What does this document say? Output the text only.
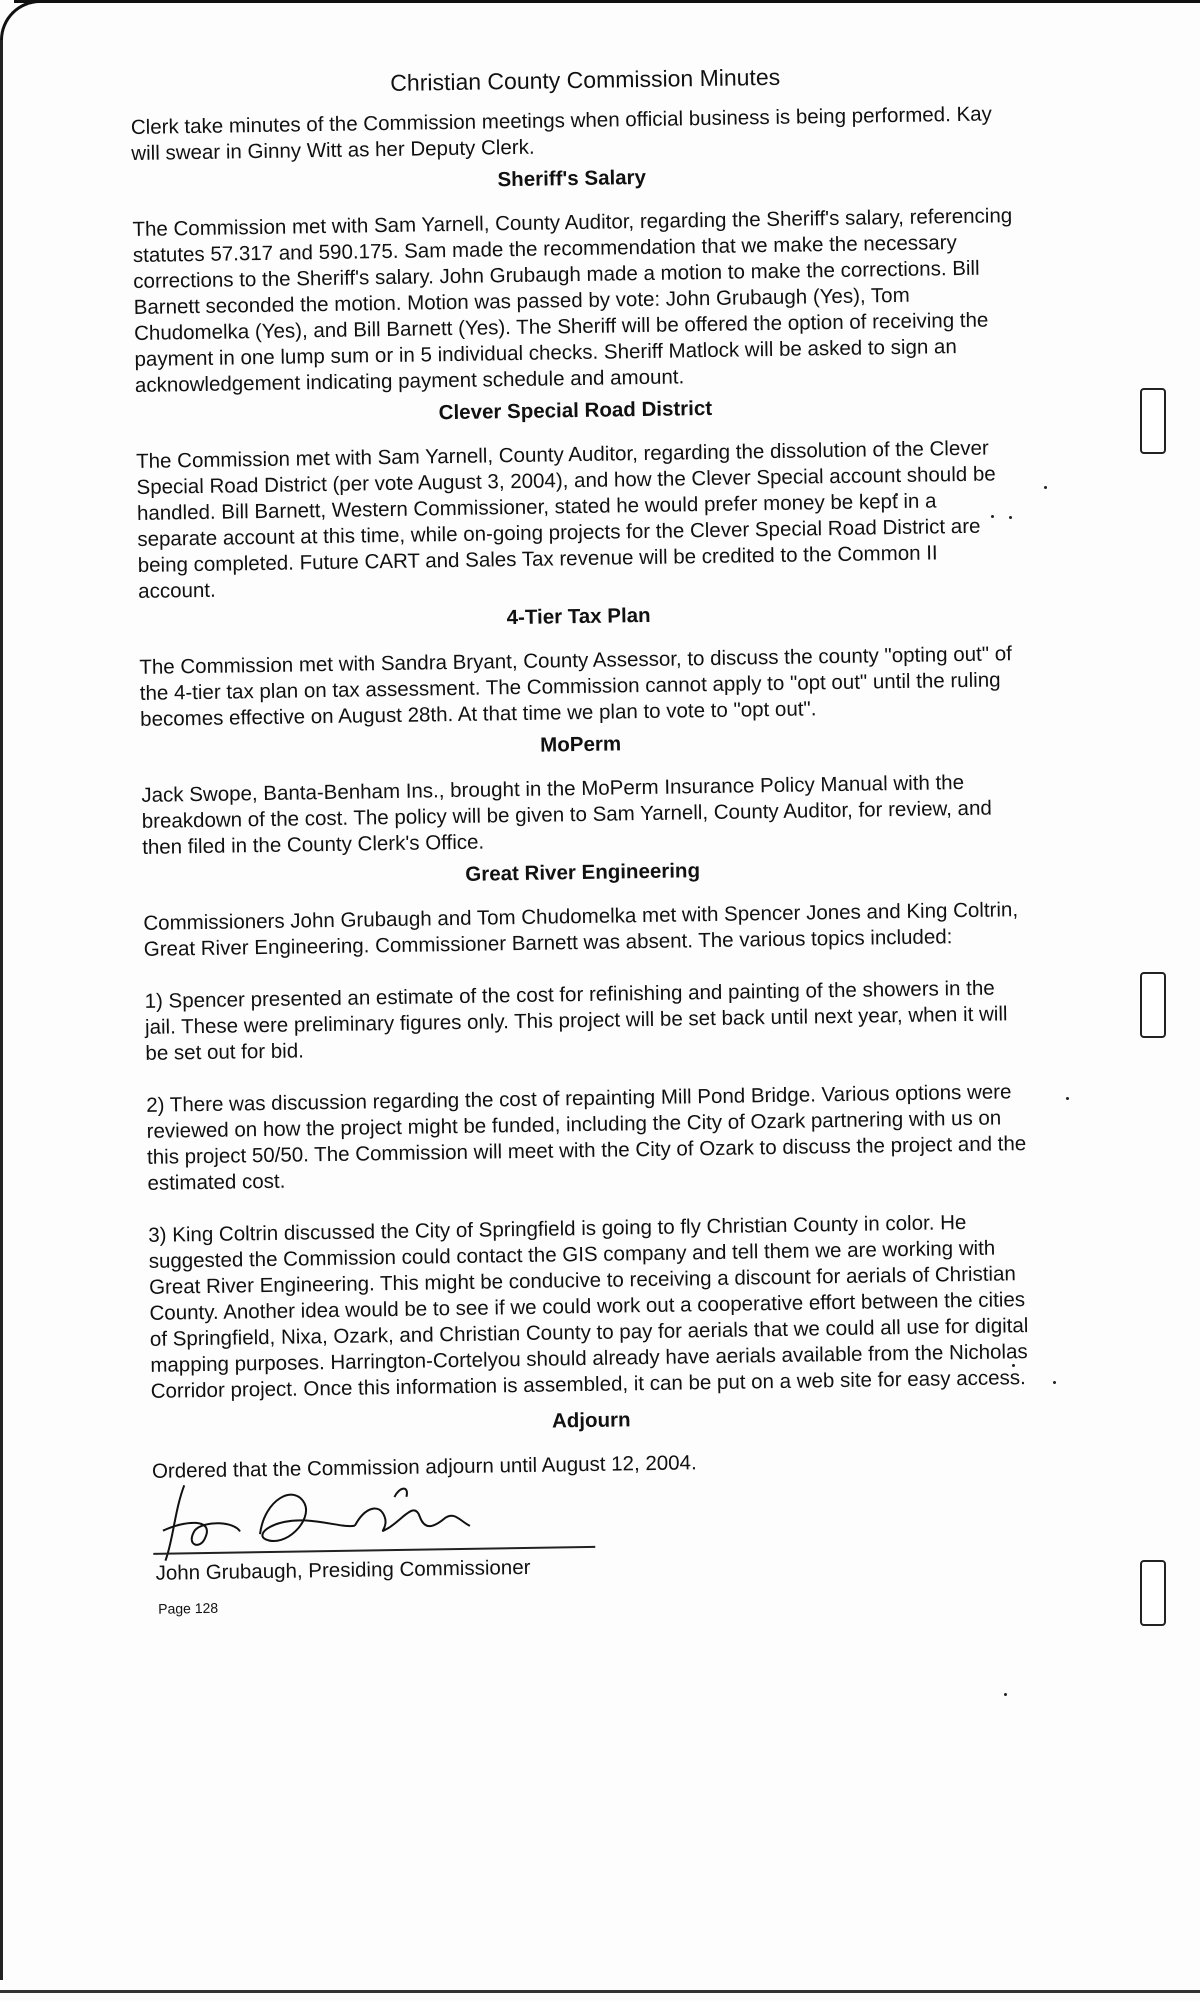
Christian County Commission Minutes

Clerk take minutes of the Commission meetings when official business is being performed. Kay will swear in Ginny Witt as her Deputy Clerk.

Sheriff's Salary

The Commission met with Sam Yarnell, County Auditor, regarding the Sheriff's salary, referencing statutes 57.317 and 590.175. Sam made the recommendation that we make the necessary corrections to the Sheriff's salary. John Grubaugh made a motion to make the corrections. Bill Barnett seconded the motion. Motion was passed by vote: John Grubaugh (Yes), Tom Chudomelka (Yes), and Bill Barnett (Yes). The Sheriff will be offered the option of receiving the payment in one lump sum or in 5 individual checks. Sheriff Matlock will be asked to sign an acknowledgement indicating payment schedule and amount.

Clever Special Road District

The Commission met with Sam Yarnell, County Auditor, regarding the dissolution of the Clever Special Road District (per vote August 3, 2004), and how the Clever Special account should be handled. Bill Barnett, Western Commissioner, stated he would prefer money be kept in a separate account at this time, while on-going projects for the Clever Special Road District are being completed. Future CART and Sales Tax revenue will be credited to the Common II account.

4-Tier Tax Plan

The Commission met with Sandra Bryant, County Assessor, to discuss the county "opting out" of the 4-tier tax plan on tax assessment. The Commission cannot apply to "opt out" until the ruling becomes effective on August 28th. At that time we plan to vote to "opt out".

MoPerm

Jack Swope, Banta-Benham Ins., brought in the MoPerm Insurance Policy Manual with the breakdown of the cost. The policy will be given to Sam Yarnell, County Auditor, for review, and then filed in the County Clerk's Office.

Great River Engineering

Commissioners John Grubaugh and Tom Chudomelka met with Spencer Jones and King Coltrin, Great River Engineering. Commissioner Barnett was absent. The various topics included:

1) Spencer presented an estimate of the cost for refinishing and painting of the showers in the jail. These were preliminary figures only. This project will be set back until next year, when it will be set out for bid.

2) There was discussion regarding the cost of repainting Mill Pond Bridge. Various options were reviewed on how the project might be funded, including the City of Ozark partnering with us on this project 50/50. The Commission will meet with the City of Ozark to discuss the project and the estimated cost.

3) King Coltrin discussed the City of Springfield is going to fly Christian County in color. He suggested the Commission could contact the GIS company and tell them we are working with Great River Engineering. This might be conducive to receiving a discount for aerials of Christian County. Another idea would be to see if we could work out a cooperative effort between the cities of Springfield, Nixa, Ozark, and Christian County to pay for aerials that we could all use for digital mapping purposes. Harrington-Cortelyou should already have aerials available from the Nicholas Corridor project. Once this information is assembled, it can be put on a web site for easy access.

Adjourn

Ordered that the Commission adjourn until August 12, 2004.

John Grubaugh, Presiding Commissioner
Page 128
